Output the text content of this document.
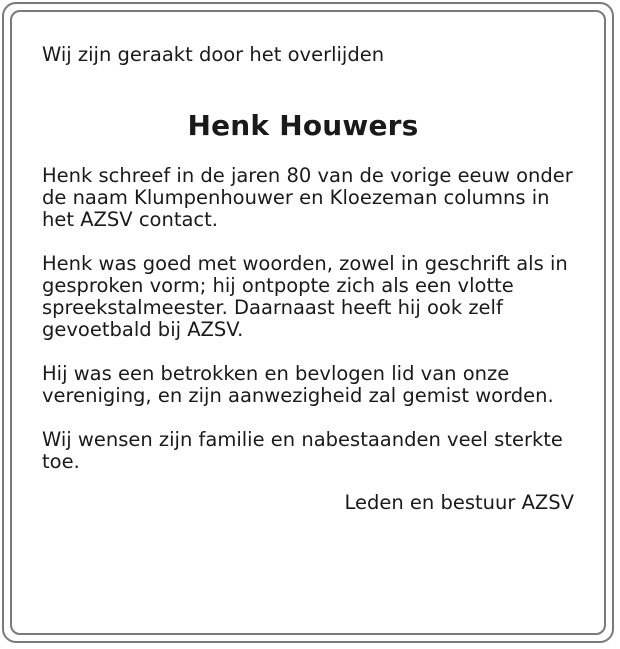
Wij zijn geraakt door het overlijden

Henk Houwers

Henk schreef in de jaren 80 van de vorige eeuw onder de naam Klumpenhouwer en Kloezeman columns in het AZSV contact.

Henk was goed met woorden, zowel in geschrift als in gesproken vorm; hij ontpopte zich als een vlotte spreekstalmeester. Daarnaast heeft hij ook zelf gevoetbald bij AZSV.

Hij was een betrokken en bevlogen lid van onze vereniging, en zijn aanwezigheid zal gemist worden.

Wij wensen zijn familie en nabestaanden veel sterkte toe.

Leden en bestuur AZSV
